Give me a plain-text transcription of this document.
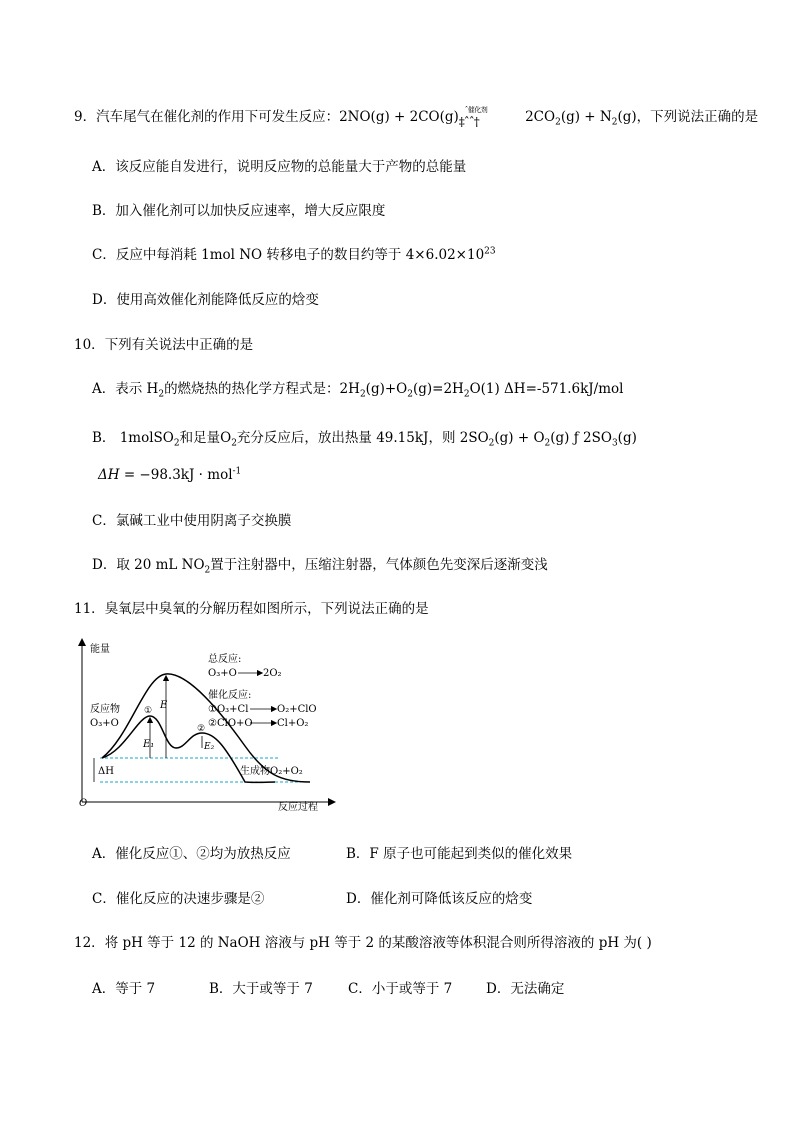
9．汽车尾气在催化剂的作用下可发生反应：2NO(g) + 2CO(g) ˆ催化剂
‡ˆˆ†	$2CO_2(g) + N_2(g)$，下列说法正确的是
A．该反应能自发进行，说明反应物的总能量大于产物的总能量
B．加入催化剂可以加快反应速率，增大反应限度
C．反应中每消耗 1mol NO 转移电子的数目约等于 $4\times 6.02\times 10^{23}$
D．使用高效催化剂能降低反应的焓变
10．下列有关说法中正确的是
A．表示 $H_2$的燃烧热的热化学方程式是：$2H_2(g)+O_2(g)=2H_2O(1)$ ΔH=-571.6kJ/mol
B． 1molSO$_2$和足量$O_2$充分反应后，放出热量 49.15kJ，则 $2SO_2(g) + O_2(g)$ ƒ $2SO_3(g)$
ΔH = −98.3kJ · mol$^{-1}$
C．氯碱工业中使用阴离子交换膜
D．取 20 mL $NO_2$置于注射器中，压缩注射器，气体颜色先变深后逐渐变浅
11．臭氧层中臭氧的分解历程如图所示，下列说法正确的是
能量
反应过程
O
E
E₁
①
E₂
②
ΔH
反应物
O₃+O
生成物O₂+O₂
总反应:
O₃+O	2O₂
催化反应:
①O₃+Cl	O₂+ClO
②ClO+O Cl+O₂
A．催化反应①、②均为放热反应	B．F 原子也可能起到类似的催化效果
C．催化反应的决速步骤是②	D．催化剂可降低该反应的焓变
12．将 pH 等于 12 的 NaOH 溶液与 pH 等于 2 的某酸溶液等体积混合则所得溶液的 pH 为( )
A．等于 7	B．大于或等于 7	C．小于或等于 7	D．无法确定
